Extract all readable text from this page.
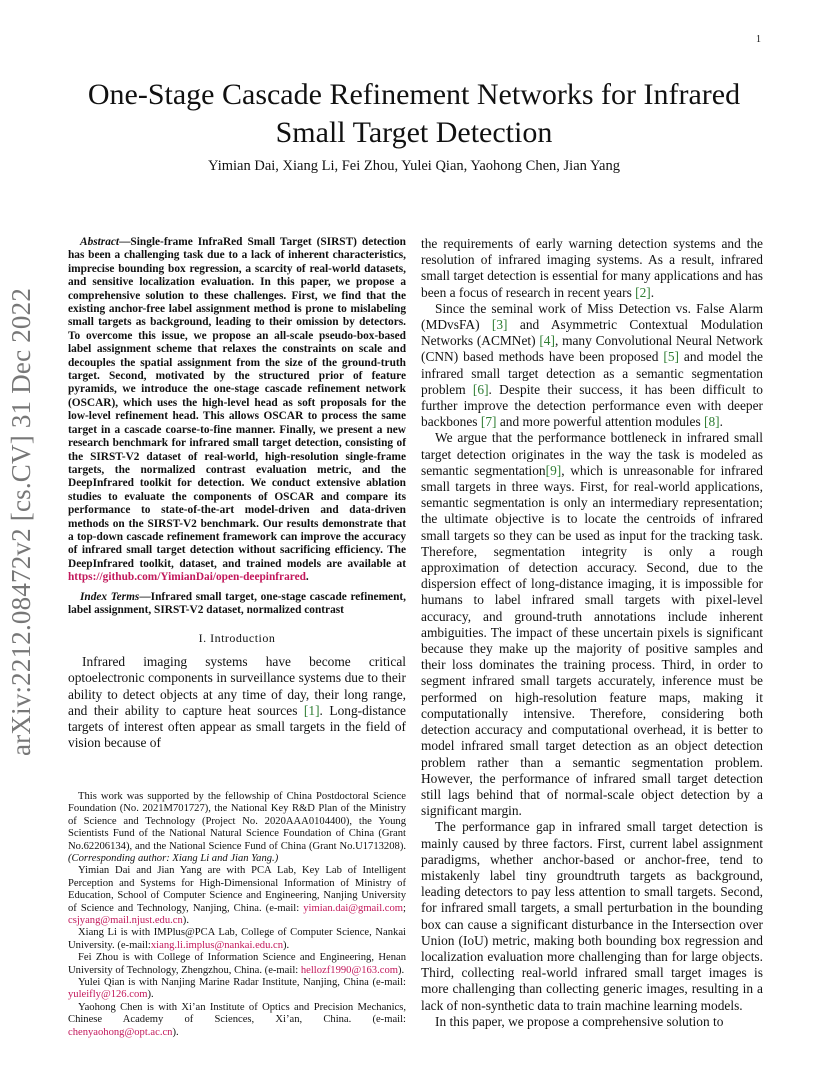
1
One-Stage Cascade Refinement Networks for Infrared Small Target Detection
Yimian Dai, Xiang Li, Fei Zhou, Yulei Qian, Yaohong Chen, Jian Yang
arXiv:2212.08472v2 [cs.CV] 31 Dec 2022

Abstract—Single-frame InfraRed Small Target (SIRST) detection has been a challenging task due to a lack of inherent characteristics, imprecise bounding box regression, a scarcity of real-world datasets, and sensitive localization evaluation. In this paper, we propose a comprehensive solution to these challenges. First, we find that the existing anchor-free label assignment method is prone to mislabeling small targets as background, leading to their omission by detectors. To overcome this issue, we propose an all-scale pseudo-box-based label assignment scheme that relaxes the constraints on scale and decouples the spatial assignment from the size of the ground-truth target. Second, motivated by the structured prior of feature pyramids, we introduce the one-stage cascade refinement network (OSCAR), which uses the high-level head as soft proposals for the low-level refinement head. This allows OSCAR to process the same target in a cascade coarse-to-fine manner. Finally, we present a new research benchmark for infrared small target detection, consisting of the SIRST-V2 dataset of real-world, high-resolution single-frame targets, the normalized contrast evaluation metric, and the DeepInfrared toolkit for detection. We conduct extensive ablation studies to evaluate the components of OSCAR and compare its performance to state-of-the-art model-driven and data-driven methods on the SIRST-V2 benchmark. Our results demonstrate that a top-down cascade refinement framework can improve the accuracy of infrared small target detection without sacrificing efficiency. The DeepInfrared toolkit, dataset, and trained models are available at https://github.com/YimianDai/open-deepinfrared.

Index Terms—Infrared small target, one-stage cascade refinement, label assignment, SIRST-V2 dataset, normalized contrast

I. Introduction

Infrared imaging systems have become critical optoelectronic components in surveillance systems due to their ability to detect objects at any time of day, their long range, and their ability to capture heat sources [1]. Long-distance targets of interest often appear as small targets in the field of vision because of

This work was supported by the fellowship of China Postdoctoral Science Foundation (No. 2021M701727), the National Key R&D Plan of the Ministry of Science and Technology (Project No. 2020AAA0104400), the Young Scientists Fund of the National Natural Science Foundation of China (Grant No.62206134), and the National Science Fund of China (Grant No.U1713208). (Corresponding author: Xiang Li and Jian Yang.)

Yimian Dai and Jian Yang are with PCA Lab, Key Lab of Intelligent Perception and Systems for High-Dimensional Information of Ministry of Education, School of Computer Science and Engineering, Nanjing University of Science and Technology, Nanjing, China. (e-mail: yimian.dai@gmail.com; csjyang@mail.njust.edu.cn).

Xiang Li is with IMPlus@PCA Lab, College of Computer Science, Nankai University. (e-mail:xiang.li.implus@nankai.edu.cn).

Fei Zhou is with College of Information Science and Engineering, Henan University of Technology, Zhengzhou, China. (e-mail: hellozf1990@163.com).

Yulei Qian is with Nanjing Marine Radar Institute, Nanjing, China (e-mail: yuleifly@126.com).

Yaohong Chen is with Xi’an Institute of Optics and Precision Mechanics, Chinese Academy of Sciences, Xi’an, China. (e-mail: chenyaohong@opt.ac.cn).

the requirements of early warning detection systems and the resolution of infrared imaging systems. As a result, infrared small target detection is essential for many applications and has been a focus of research in recent years [2].

Since the seminal work of Miss Detection vs. False Alarm (MDvsFA) [3] and Asymmetric Contextual Modulation Networks (ACMNet) [4], many Convolutional Neural Network (CNN) based methods have been proposed [5] and model the infrared small target detection as a semantic segmentation problem [6]. Despite their success, it has been difficult to further improve the detection performance even with deeper backbones [7] and more powerful attention modules [8].

We argue that the performance bottleneck in infrared small target detection originates in the way the task is modeled as semantic segmentation[9], which is unreasonable for infrared small targets in three ways. First, for real-world applications, semantic segmentation is only an intermediary representation; the ultimate objective is to locate the centroids of infrared small targets so they can be used as input for the tracking task. Therefore, segmentation integrity is only a rough approximation of detection accuracy. Second, due to the dispersion effect of long-distance imaging, it is impossible for humans to label infrared small targets with pixel-level accuracy, and ground-truth annotations include inherent ambiguities. The impact of these uncertain pixels is significant because they make up the majority of positive samples and their loss dominates the training process. Third, in order to segment infrared small targets accurately, inference must be performed on high-resolution feature maps, making it computationally intensive. Therefore, considering both detection accuracy and computational overhead, it is better to model infrared small target detection as an object detection problem rather than a semantic segmentation problem. However, the performance of infrared small target detection still lags behind that of normal-scale object detection by a significant margin.

The performance gap in infrared small target detection is mainly caused by three factors. First, current label assignment paradigms, whether anchor-based or anchor-free, tend to mistakenly label tiny groundtruth targets as background, leading detectors to pay less attention to small targets. Second, for infrared small targets, a small perturbation in the bounding box can cause a significant disturbance in the Intersection over Union (IoU) metric, making both bounding box regression and localization evaluation more challenging than for large objects. Third, collecting real-world infrared small target images is more challenging than collecting generic images, resulting in a lack of non-synthetic data to train machine learning models.

In this paper, we propose a comprehensive solution to
